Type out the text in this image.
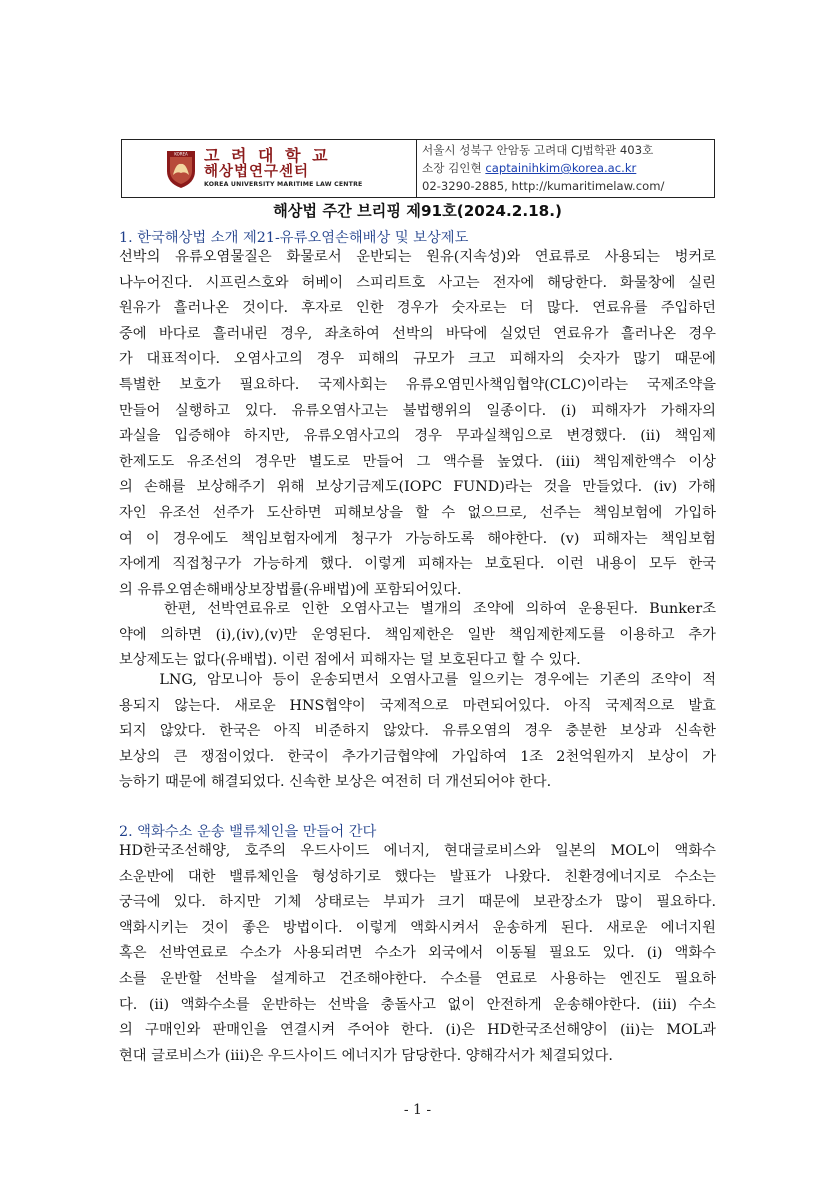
KOREA 고 려 대 학 교
해상법연구센터
KOREA UNIVERSITY MARITIME LAW CENTRE
서울시 성북구 안암동 고려대 CJ법학관 403호
소장 김인현 captainihkim@korea.ac.kr
02-3290-2885, http://kumaritimelaw.com/
해상법 주간 브리핑 제91호(2024.2.18.)
1. 한국해상법 소개 제21-유류오염손해배상 및 보상제도
선박의 유류오염물질은 화물로서 운반되는 원유(지속성)와 연료류로 사용되는 벙커로
나누어진다. 시프린스호와 허베이 스피리트호 사고는 전자에 해당한다. 화물창에 실린
원유가 흘러나온 것이다. 후자로 인한 경우가 숫자로는 더 많다. 연료유를 주입하던
중에 바다로 흘러내린 경우, 좌초하여 선박의 바닥에 실었던 연료유가 흘러나온 경우
가 대표적이다. 오염사고의 경우 피해의 규모가 크고 피해자의 숫자가 많기 때문에
특별한 보호가 필요하다. 국제사회는 유류오염민사책임협약(CLC)이라는 국제조약을
만들어 실행하고 있다. 유류오염사고는 불법행위의 일종이다. (i) 피해자가 가해자의
과실을 입증해야 하지만, 유류오염사고의 경우 무과실책임으로 변경했다. (ii) 책임제
한제도도 유조선의 경우만 별도로 만들어 그 액수를 높였다. (iii) 책임제한액수 이상
의 손해를 보상해주기 위해 보상기금제도(IOPC FUND)라는 것을 만들었다. (iv) 가해
자인 유조선 선주가 도산하면 피해보상을 할 수 없으므로, 선주는 책임보험에 가입하
여 이 경우에도 책임보험자에게 청구가 가능하도록 해야한다. (v) 피해자는 책임보험
자에게 직접청구가 가능하게 했다. 이렇게 피해자는 보호된다. 이런 내용이 모두 한국
의 유류오염손해배상보장법률(유배법)에 포함되어있다.
한편, 선박연료유로 인한 오염사고는 별개의 조약에 의하여 운용된다. Bunker조
약에 의하면 (i),(iv),(v)만 운영된다. 책임제한은 일반 책임제한제도를 이용하고 추가
보상제도는 없다(유배법). 이런 점에서 피해자는 덜 보호된다고 할 수 있다.
LNG, 암모니아 등이 운송되면서 오염사고를 일으키는 경우에는 기존의 조약이 적
용되지 않는다. 새로운 HNS협약이 국제적으로 마련되어있다. 아직 국제적으로 발효
되지 않았다. 한국은 아직 비준하지 않았다. 유류오염의 경우 충분한 보상과 신속한
보상의 큰 쟁점이었다. 한국이 추가기금협약에 가입하여 1조 2천억원까지 보상이 가
능하기 때문에 해결되었다. 신속한 보상은 여전히 더 개선되어야 한다.
2. 액화수소 운송 밸류체인을 만들어 간다
HD한국조선해양, 호주의 우드사이드 에너지, 현대글로비스와 일본의 MOL이 액화수
소운반에 대한 밸류체인을 형성하기로 했다는 발표가 나왔다. 친환경에너지로 수소는
궁극에 있다. 하지만 기체 상태로는 부피가 크기 때문에 보관장소가 많이 필요하다.
액화시키는 것이 좋은 방법이다. 이렇게 액화시켜서 운송하게 된다. 새로운 에너지원
혹은 선박연료로 수소가 사용되려면 수소가 외국에서 이동될 필요도 있다. (i) 액화수
소를 운반할 선박을 설계하고 건조해야한다. 수소를 연료로 사용하는 엔진도 필요하
다. (ii) 액화수소를 운반하는 선박을 충돌사고 없이 안전하게 운송해야한다. (iii) 수소
의 구매인와 판매인을 연결시켜 주어야 한다. (i)은 HD한국조선해양이 (ii)는 MOL과
현대 글로비스가 (iii)은 우드사이드 에너지가 담당한다. 양해각서가 체결되었다.
- 1 -
